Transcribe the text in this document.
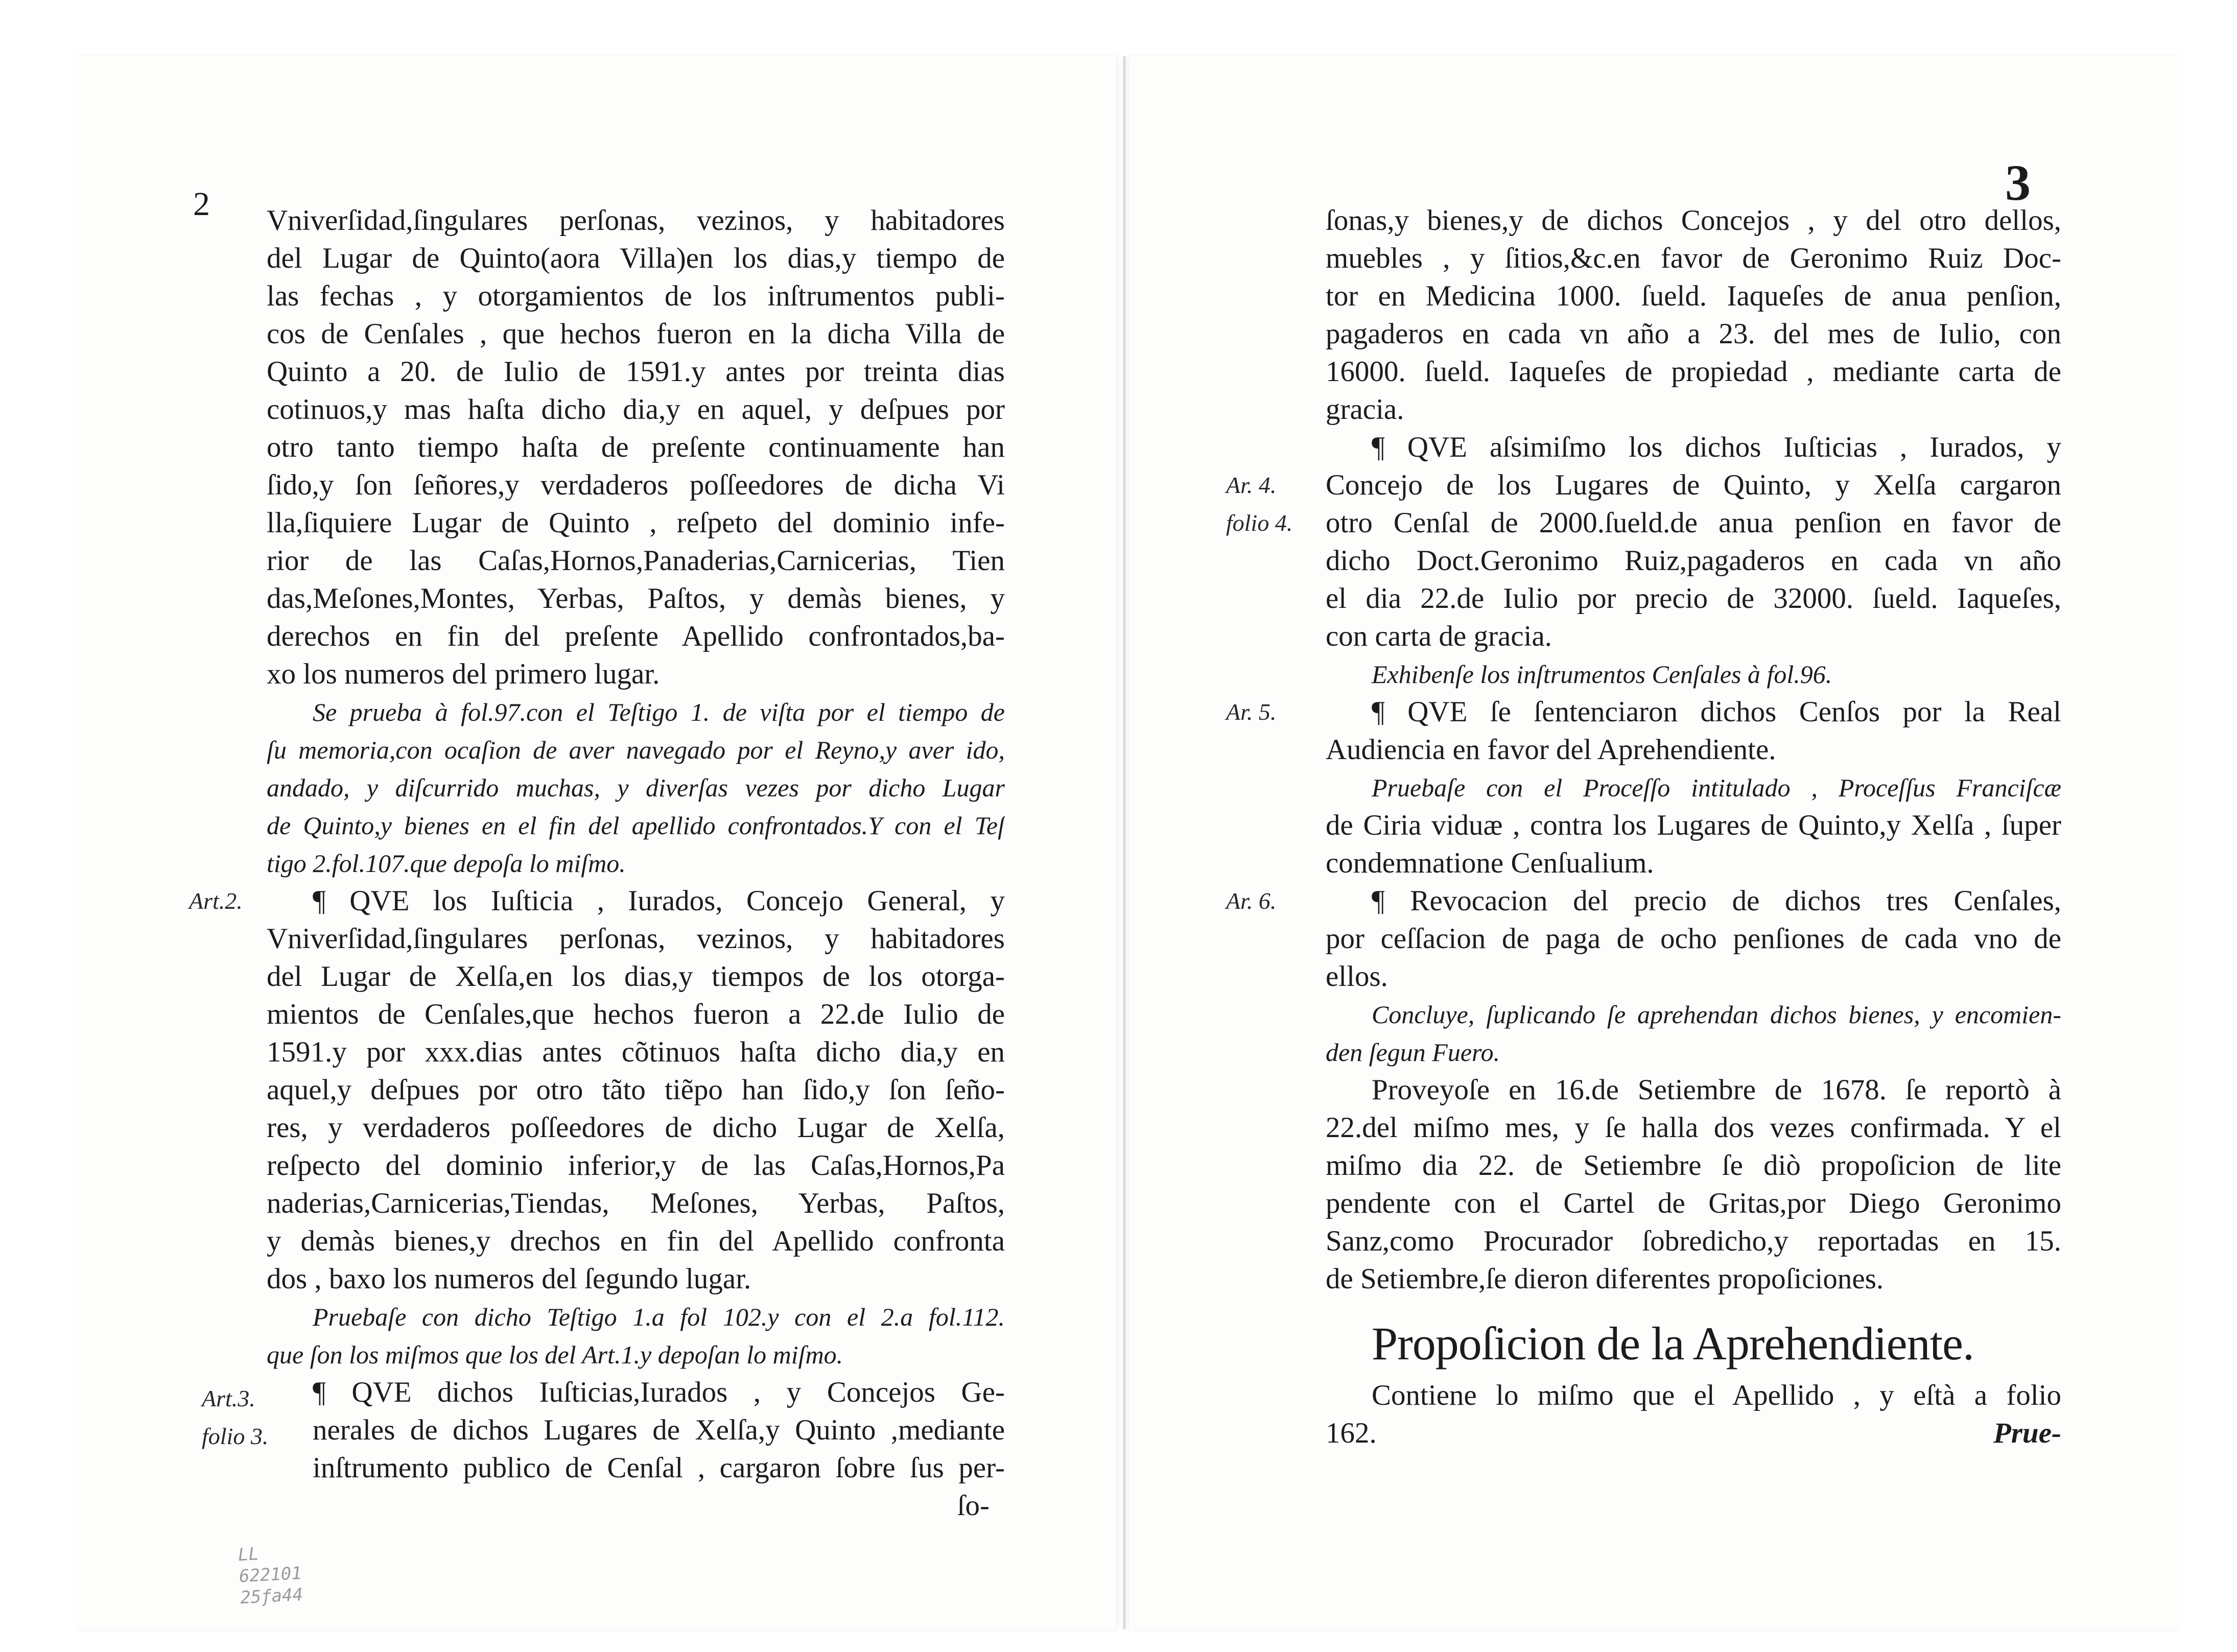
2	3
Vniverſidad,ſingulares perſonas, vezinos, y habitadores
del Lugar de Quinto(aora Villa)en los dias,y tiempo de
las fechas , y otorgamientos de los inſtrumentos publi-
cos de Cenſales , que hechos fueron en la dicha Villa de
Quinto a 20. de Iulio de 1591.y antes por treinta dias
cotinuos,y mas haſta dicho dia,y en aquel, y deſpues por
otro tanto tiempo haſta de preſente continuamente han
ſido,y ſon ſeñores,y verdaderos poſſeedores de dicha Vi
lla,ſiquiere Lugar de Quinto , reſpeto del dominio infe-
rior de las Caſas,Hornos,Panaderias,Carnicerias, Tien
das,Meſones,Montes, Yerbas, Paſtos, y demàs bienes, y
derechos en fin del preſente Apellido confrontados,ba-
xo los numeros del primero lugar.
Se prueba à fol.97.con el Teſtigo 1. de viſta por el tiempo de
ſu memoria,con ocaſion de aver navegado por el Reyno,y aver ido,
andado, y diſcurrido muchas, y diverſas vezes por dicho Lugar
de Quinto,y bienes en el fin del apellido confrontados.Y con el Teſ
tigo 2.fol.107.que depoſa lo miſmo.
¶ QVE los Iuſticia , Iurados, Concejo General, y
Vniverſidad,ſingulares perſonas, vezinos, y habitadores
del Lugar de Xelſa,en los dias,y tiempos de los otorga-
mientos de Cenſales,que hechos fueron a 22.de Iulio de
1591.y por xxx.dias antes cõtinuos haſta dicho dia,y en
aquel,y deſpues por otro tãto tiẽpo han ſido,y ſon ſeño-
res, y verdaderos poſſeedores de dicho Lugar de Xelſa,
reſpecto del dominio inferior,y de las Caſas,Hornos,Pa
naderias,Carnicerias,Tiendas, Meſones, Yerbas, Paſtos,
y demàs bienes,y drechos en fin del Apellido confronta
dos , baxo los numeros del ſegundo lugar.
Pruebaſe con dicho Teſtigo 1.a fol 102.y con el 2.a fol.112.
que ſon los miſmos que los del Art.1.y depoſan lo miſmo.
¶ QVE dichos Iuſticias,Iurados , y Concejos Ge-
nerales de dichos Lugares de Xelſa,y Quinto ,mediante
inſtrumento publico de Cenſal , cargaron ſobre ſus per-
ſo-
Art.2.
Art.3.
folio 3.
LL
622101
25ƒa44
ſonas,y bienes,y de dichos Concejos , y del otro dellos,
muebles , y ſitios,&c.en favor de Geronimo Ruiz Doc-
tor en Medicina 1000. ſueld. Iaqueſes de anua penſion,
pagaderos en cada vn año a 23. del mes de Iulio, con
16000. ſueld. Iaqueſes de propiedad , mediante carta de
gracia.
¶ QVE aſsimiſmo los dichos Iuſticias , Iurados, y
Concejo de los Lugares de Quinto, y Xelſa cargaron
otro Cenſal de 2000.ſueld.de anua penſion en favor de
dicho Doct.Geronimo Ruiz,pagaderos en cada vn año
el dia 22.de Iulio por precio de 32000. ſueld. Iaqueſes,
con carta de gracia.
Exhibenſe los inſtrumentos Cenſales à fol.96.
¶ QVE ſe ſentenciaron dichos Cenſos por la Real
Audiencia en favor del Aprehendiente.
Pruebaſe con el Proceſſo intitulado , Proceſſus Franciſcæ
de Ciria viduæ , contra los Lugares de Quinto,y Xelſa , ſuper
condemnatione Cenſualium.
¶ Revocacion del precio de dichos tres Cenſales,
por ceſſacion de paga de ocho penſiones de cada vno de
ellos.
Concluye, ſuplicando ſe aprehendan dichos bienes, y encomien-
den ſegun Fuero.
Proveyoſe en 16.de Setiembre de 1678. ſe reportò à
22.del miſmo mes, y ſe halla dos vezes confirmada. Y el
miſmo dia 22. de Setiembre ſe diò propoſicion de lite
pendente con el Cartel de Gritas,por Diego Geronimo
Sanz,como Procurador ſobredicho,y reportadas en 15.
de Setiembre,ſe dieron diferentes propoſiciones.
Propoſicion de la Aprehendiente.
Contiene lo miſmo que el Apellido , y eſtà a folio
162.	Prue-
Ar. 4.
folio 4.
Ar. 5.
Ar. 6.
